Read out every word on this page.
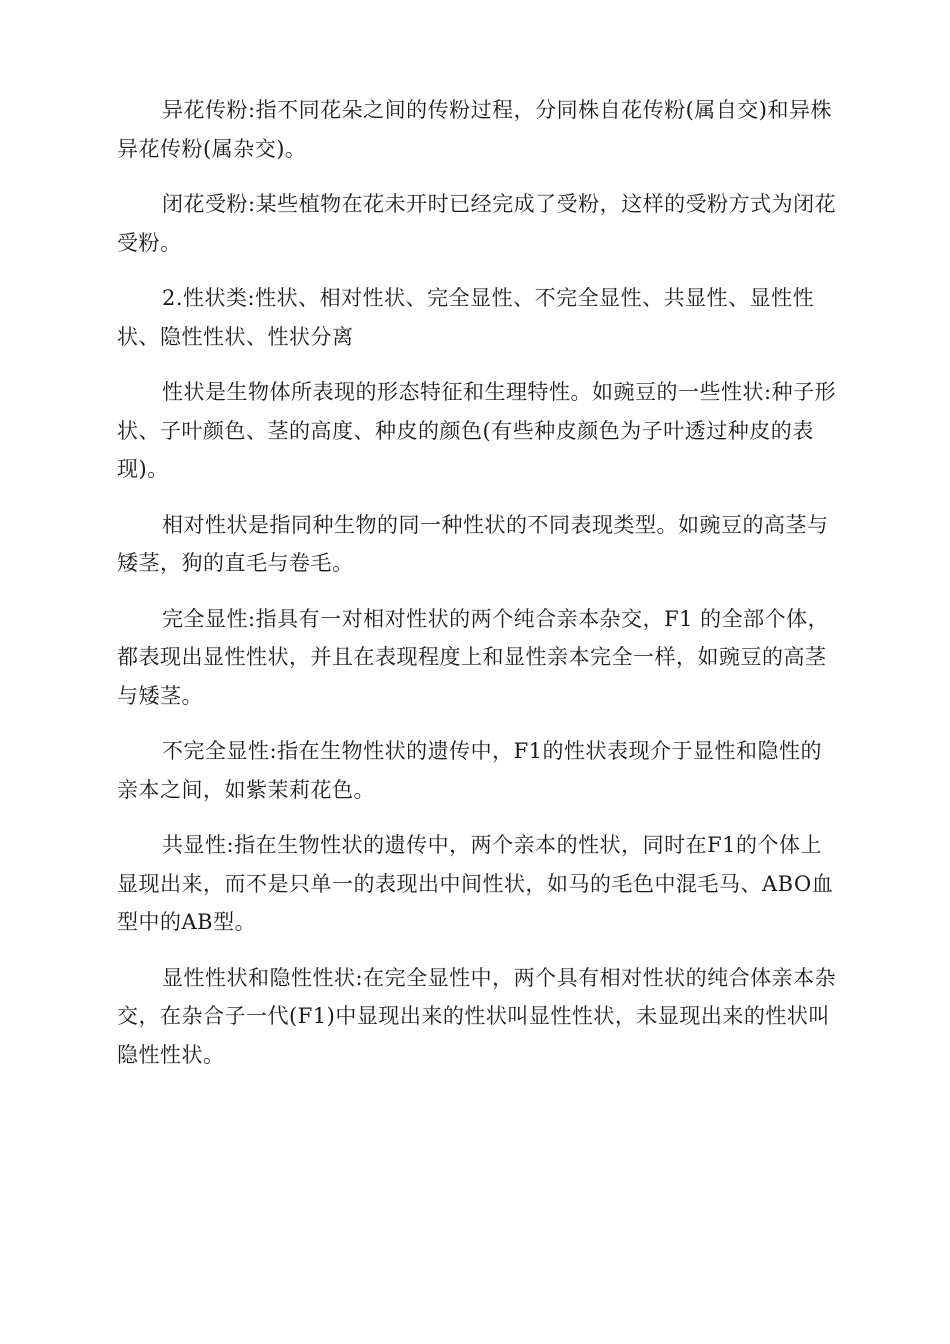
异花传粉:指不同花朵之间的传粉过程，分同株自花传粉(属自交)和异株异花传粉(属杂交)。

闭花受粉:某些植物在花未开时已经完成了受粉，这样的受粉方式为闭花受粉。

2.性状类:性状、相对性状、完全显性、不完全显性、共显性、显性性状、隐性性状、性状分离

性状是生物体所表现的形态特征和生理特性。如豌豆的一些性状:种子形状、子叶颜色、茎的高度、种皮的颜色(有些种皮颜色为子叶透过种皮的表现)。

相对性状是指同种生物的同一种性状的不同表现类型。如豌豆的高茎与矮茎，狗的直毛与卷毛。

完全显性:指具有一对相对性状的两个纯合亲本杂交，F1 的全部个体，都表现出显性性状，并且在表现程度上和显性亲本完全一样，如豌豆的高茎与矮茎。

不完全显性:指在生物性状的遗传中，F1的性状表现介于显性和隐性的亲本之间，如紫茉莉花色。

共显性:指在生物性状的遗传中，两个亲本的性状，同时在F1的个体上显现出来，而不是只单一的表现出中间性状，如马的毛色中混毛马、ABO血型中的AB型。

显性性状和隐性性状:在完全显性中，两个具有相对性状的纯合体亲本杂交，在杂合子一代(F1)中显现出来的性状叫显性性状，未显现出来的性状叫隐性性状。
